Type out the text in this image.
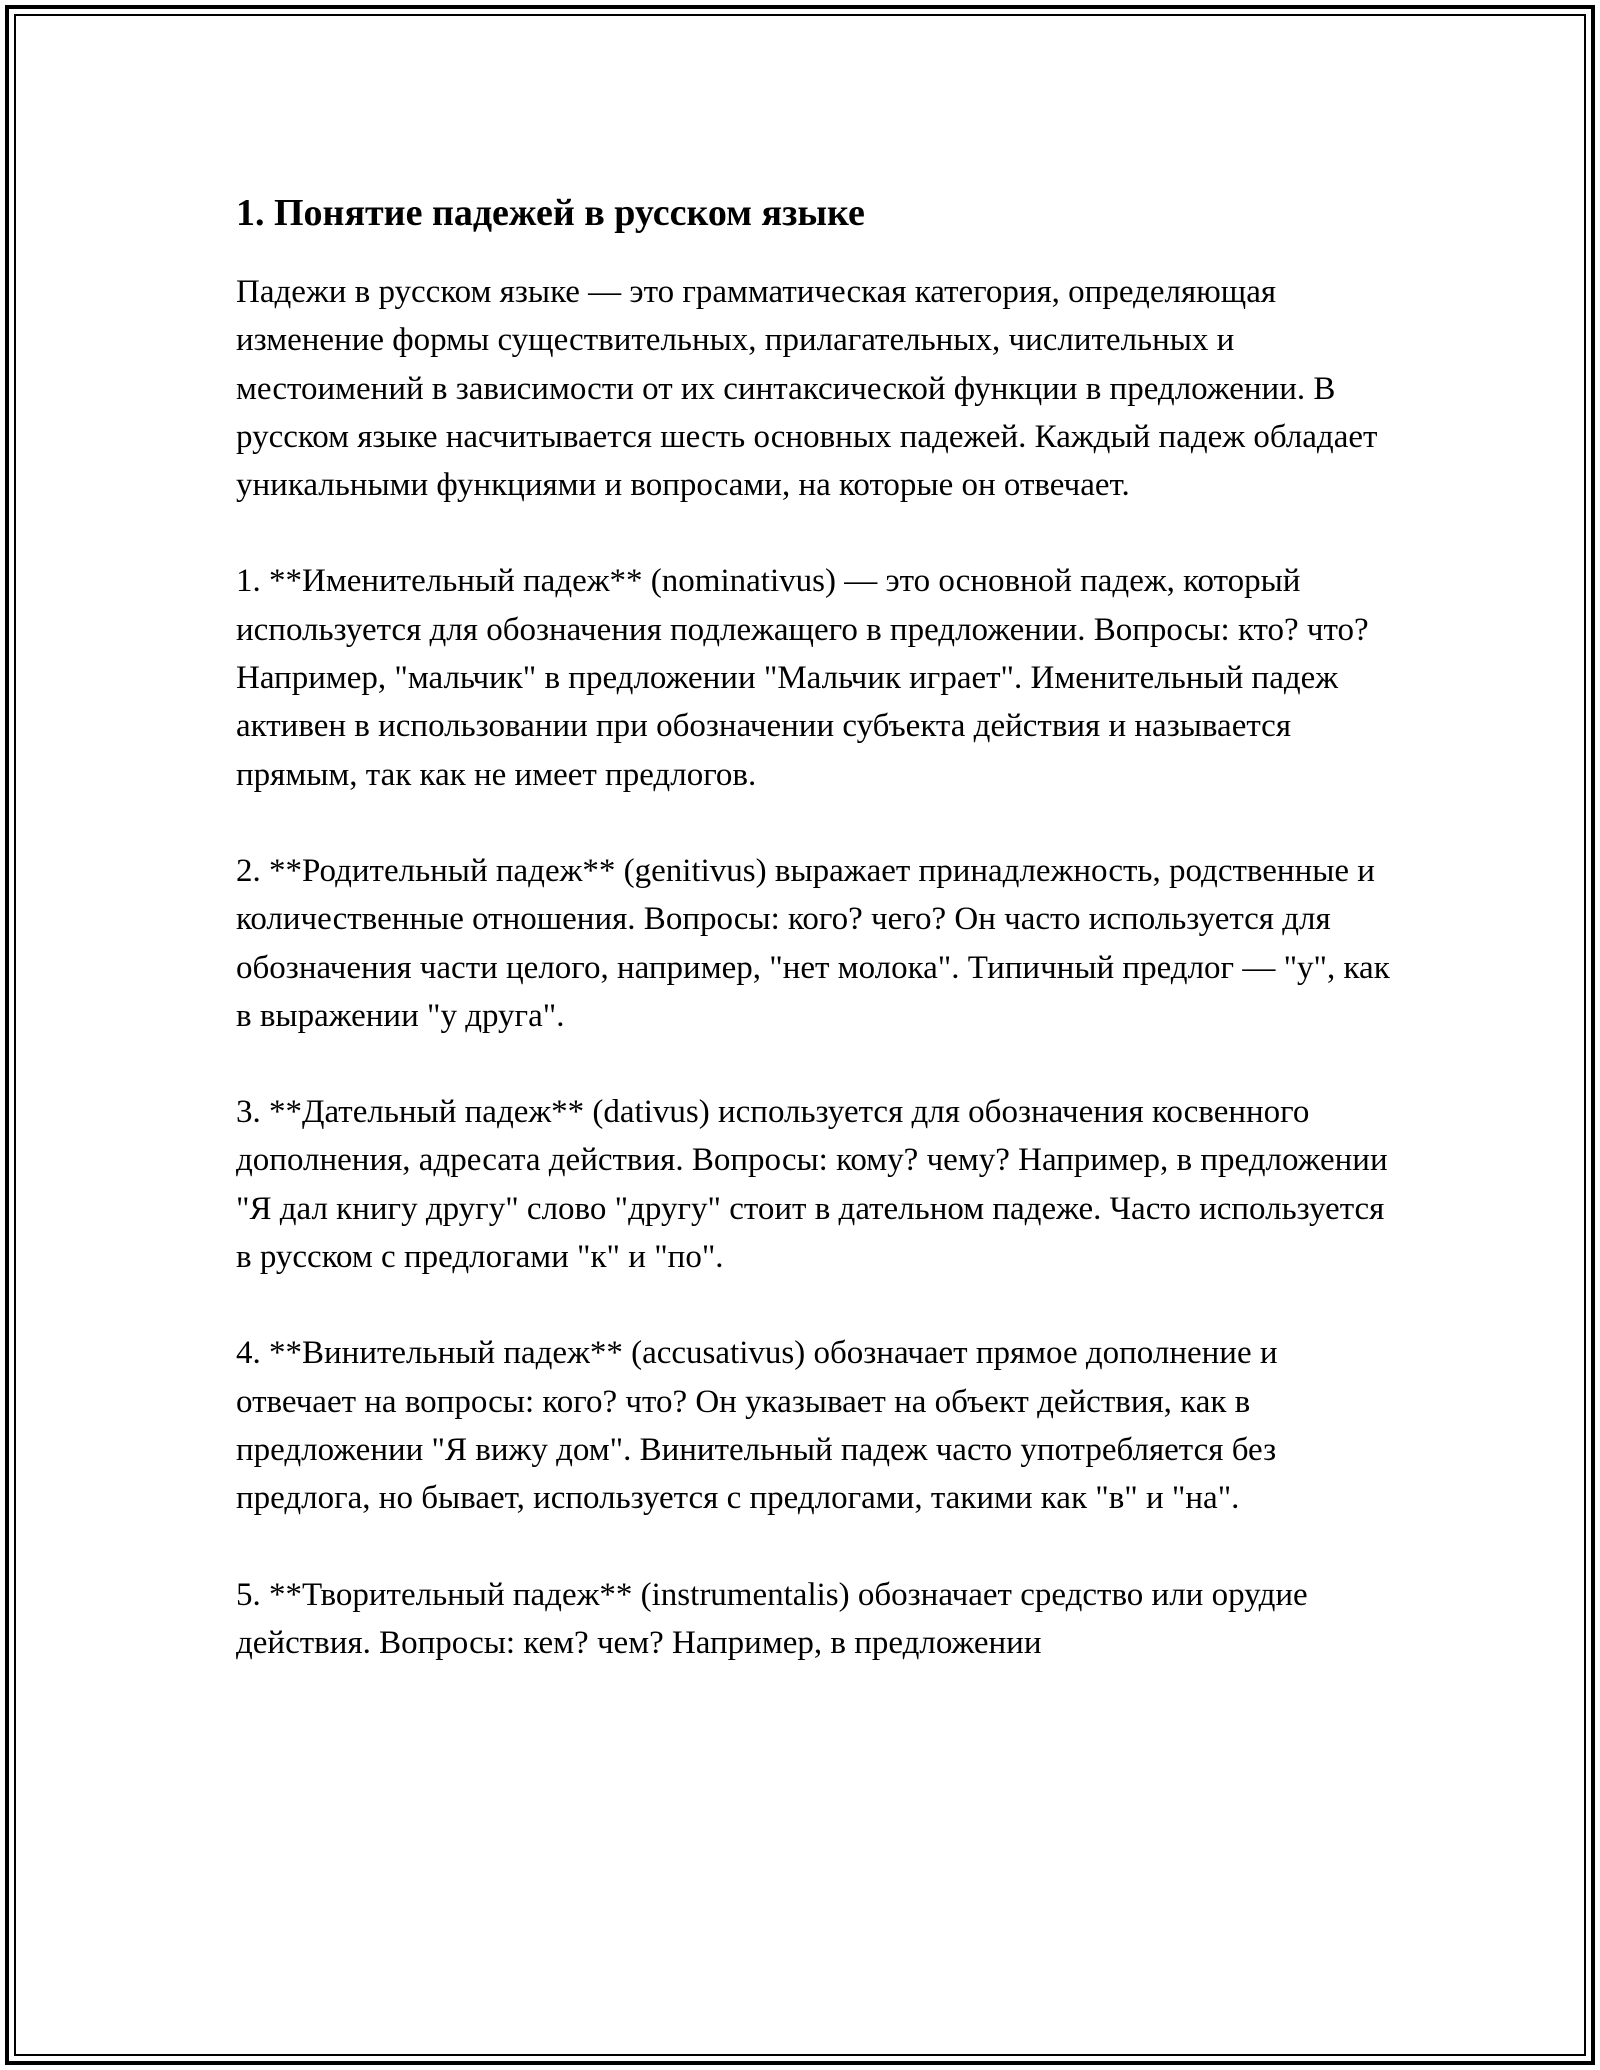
1. Понятие падежей в русском языке

Падежи в русском языке — это грамматическая категория, определяющая изменение формы существительных, прилагательных, числительных и местоимений в зависимости от их синтаксической функции в предложении. В русском языке насчитывается шесть основных падежей. Каждый падеж обладает уникальными функциями и вопросами, на которые он отвечает.

1. **Именительный падеж** (nominativus) — это основной падеж, который используется для обозначения подлежащего в предложении. Вопросы: кто? что? Например, "мальчик" в предложении "Мальчик играет". Именительный падеж активен в использовании при обозначении субъекта действия и называется прямым, так как не имеет предлогов.

2. **Родительный падеж** (genitivus) выражает принадлежность, родственные и количественные отношения. Вопросы: кого? чего? Он часто используется для обозначения части целого, например, "нет молока". Типичный предлог — "у", как в выражении "у друга".

3. **Дательный падеж** (dativus) используется для обозначения косвенного дополнения, адресата действия. Вопросы: кому? чему? Например, в предложении "Я дал книгу другу" слово "другу" стоит в дательном падеже. Часто используется в русском с предлогами "к" и "по".

4. **Винительный падеж** (accusativus) обозначает прямое дополнение и отвечает на вопросы: кого? что? Он указывает на объект действия, как в предложении "Я вижу дом". Винительный падеж часто употребляется без предлога, но бывает, используется с предлогами, такими как "в" и "на".

5. **Творительный падеж** (instrumentalis) обозначает средство или орудие действия. Вопросы: кем? чем? Например, в предложении
